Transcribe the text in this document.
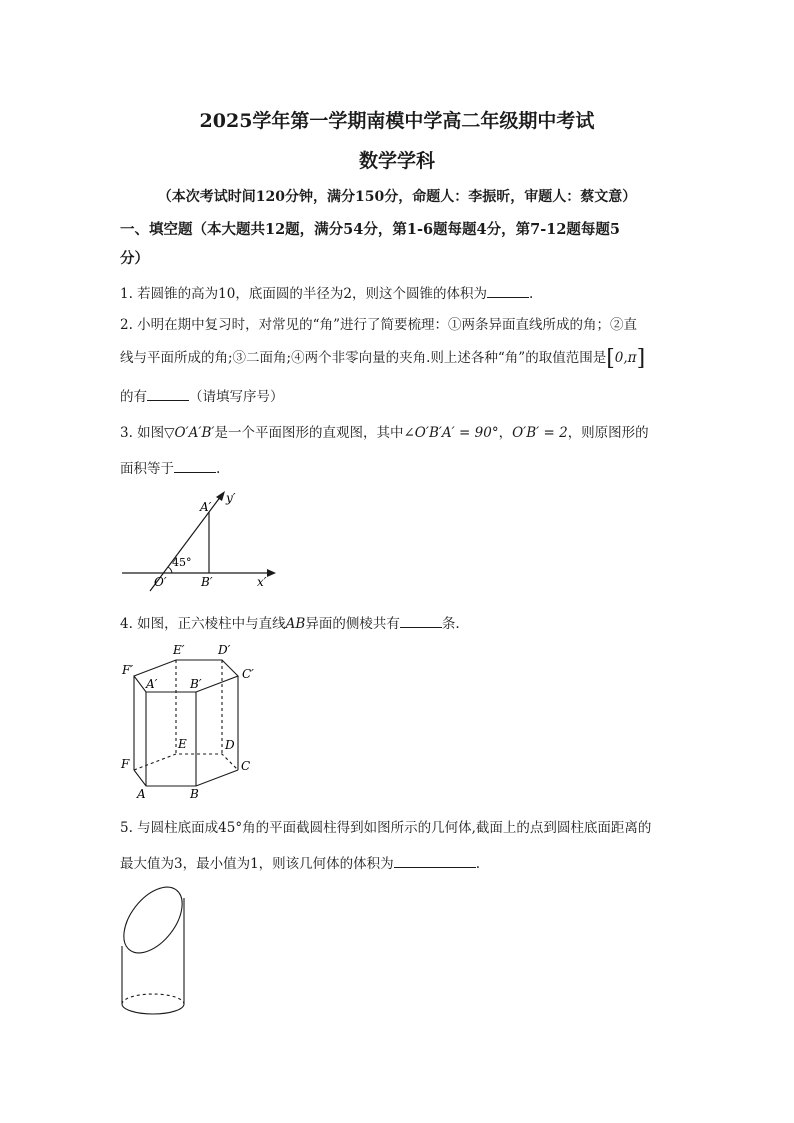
2025学年第一学期南模中学高二年级期中考试
数学学科
（本次考试时间120分钟，满分150分，命题人：李振昕，审题人：蔡文意）
一、填空题（本大题共12题，满分54分，第1-6题每题4分，第7-12题每题5
分）
1. 若圆锥的高为10，底面圆的半径为2，则这个圆锥的体积为	.
2. 小明在期中复习时，对常见的“角”进行了简要梳理：①两条异面直线所成的角；②直
线与平面所成的角;③二面角;④两个非零向量的夹角.则上述各种“角”的取值范围是[0,π]
的有	（请填写序号）
3. 如图▽O′A′B′是一个平面图形的直观图，其中∠O′B′A′ = 90°，O′B′ = 2，则原图形的
面积等于	.
A′
y′
45°
O′	B′	x′
4. 如图，正六棱柱中与直线AB异面的侧棱共有	条.
E′	D′
F′	C′
A′	B′
E	D
F	C
A	B
5. 与圆柱底面成45°角的平面截圆柱得到如图所示的几何体,截面上的点到圆柱底面距离的
最大值为3，最小值为1，则该几何体的体积为	.
